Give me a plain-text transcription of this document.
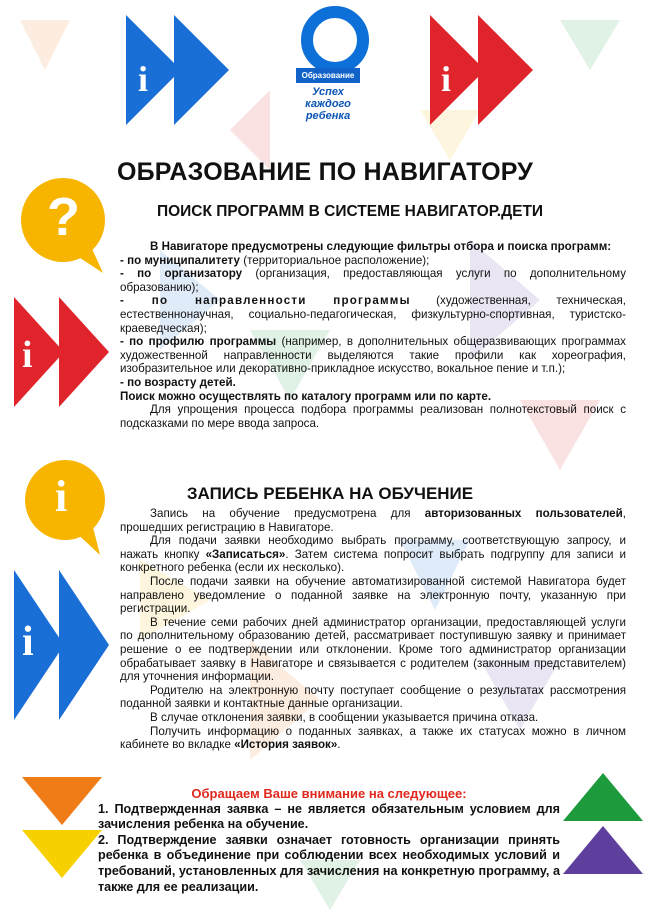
i	Образование
Успех
каждого
ребенка
i
ОБРАЗОВАНИЕ ПО НАВИГАТОРУ
ПОИСК ПРОГРАММ В СИСТЕМЕ НАВИГАТОР.ДЕТИ
?
i

В Навигаторе предусмотрены следующие фильтры отбора и поиска программ:

- по муниципалитету (территориальное расположение);

- по организатору (организация, предоставляющая услуги по дополнительному образованию);

- по направленности программы (художественная, техническая, естественнонаучная, социально-педагогическая, физкультурно-спортивная, туристско-краеведческая);

- по профилю программы (например, в дополнительных общеразвивающих программах художественной направленности выделяются такие профили как хореография, изобразительное или декоративно-прикладное искусство, вокальное пение и т.п.);

- по возрасту детей.

Поиск можно осуществлять по каталогу программ или по карте.

Для упрощения процесса подбора программы реализован полнотекстовый поиск с подсказками по мере ввода запроса.

i	ЗАПИСЬ РЕБЕНКА НА ОБУЧЕНИЕ
i

Запись на обучение предусмотрена для авторизованных пользователей, прошедших регистрацию в Навигаторе.

Для подачи заявки необходимо выбрать программу, соответствующую запросу, и нажать кнопку «Записаться». Затем система попросит выбрать подгруппу для записи и конкретного ребенка (если их несколько).

После подачи заявки на обучение автоматизированной системой Навигатора будет направлено уведомление о поданной заявке на электронную почту, указанную при регистрации.

В течение семи рабочих дней администратор организации, предоставляющей услуги по дополнительному образованию детей, рассматривает поступившую заявку и принимает решение о ее подтверждении или отклонении. Кроме того администратор организации обрабатывает заявку в Навигаторе и связывается с родителем (законным представителем) для уточнения информации.

Родителю на электронную почту поступает сообщение о результатах рассмотрения поданной заявки и контактные данные организации.

В случае отклонения заявки, в сообщении указывается причина отказа.

Получить информацию о поданных заявках, а также их статусах можно в личном кабинете во вкладке «История заявок».

Обращаем Ваше внимание на следующее:

1. Подтвержденная заявка – не является обязательным условием для зачисления ребенка на обучение.

2. Подтверждение заявки означает готовность организации принять ребенка в объединение при соблюдении всех необходимых условий и требований, установленных для зачисления на конкретную программу, а также для ее реализации.
